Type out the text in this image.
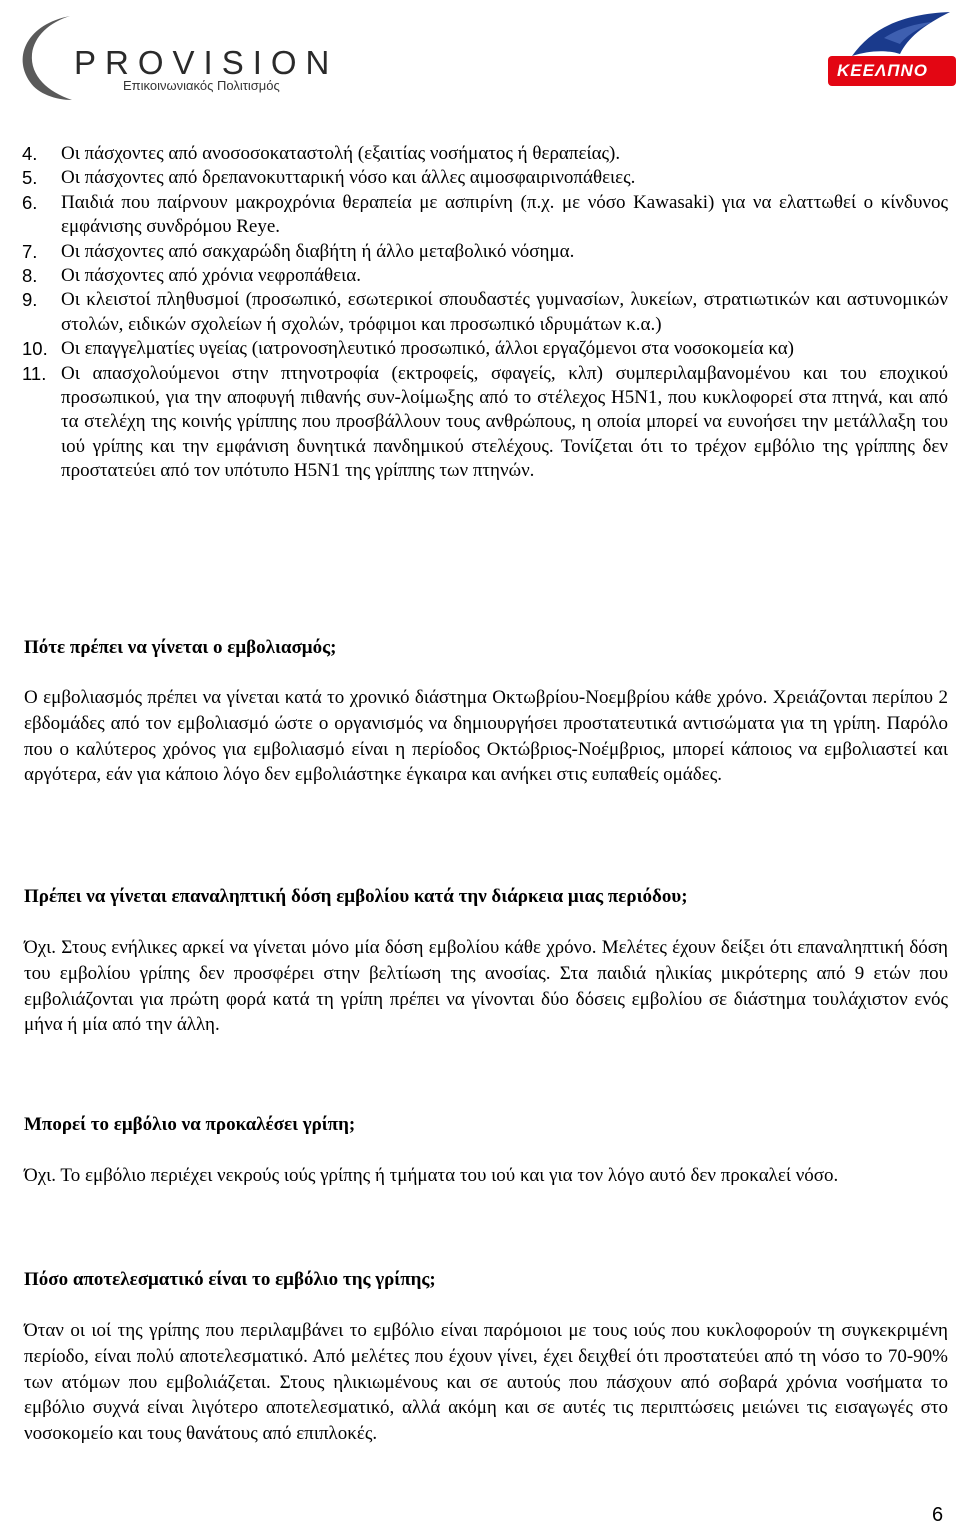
PROVISION
Επικοινωνιακός Πολιτισμός
ΚΕΕΛΠΝΟ
4. Οι πάσχοντες από ανοσοσοκαταστολή (εξαιτίας νοσήματος ή θεραπείας).
5. Οι πάσχοντες από δρεπανοκυτταρική νόσο και άλλες αιμοσφαιρινοπάθειες.
6. Παιδιά που παίρνουν μακροχρόνια θεραπεία με ασπιρίνη (π.χ. με νόσο Kawasaki) για να ελαττωθεί ο κίνδυνος εμφάνισης συνδρόμου Reye.
7. Οι πάσχοντες από σακχαρώδη διαβήτη ή άλλο μεταβολικό νόσημα.
8. Οι πάσχοντες από χρόνια νεφροπάθεια.
9. Οι κλειστοί πληθυσμοί (προσωπικό, εσωτερικοί σπουδαστές γυμνασίων, λυκείων, στρατιωτικών και αστυνομικών στολών, ειδικών σχολείων ή σχολών, τρόφιμοι και προσωπικό ιδρυμάτων κ.α.)
10. Οι επαγγελματίες υγείας (ιατρονοσηλευτικό προσωπικό, άλλοι εργαζόμενοι στα νοσοκομεία κα)
11. Οι απασχολούμενοι στην πτηνοτροφία (εκτροφείς, σφαγείς, κλπ) συμπεριλαμβανομένου και του εποχικού προσωπικού, για την αποφυγή πιθανής συν-λοίμωξης από το στέλεχος H5N1, που κυκλοφορεί στα πτηνά, και από τα στελέχη της κοινής γρίππης που προσβάλλουν τους ανθρώπους, η οποία μπορεί να ευνοήσει την μετάλλαξη του ιού γρίπης και την εμφάνιση δυνητικά πανδημικού στελέχους. Τονίζεται ότι το τρέχον εμβόλιο της γρίππης δεν προστατεύει από τον υπότυπο H5N1 της γρίππης των πτηνών.
Πότε πρέπει να γίνεται ο εμβολιασμός;

Ο εμβολιασμός πρέπει να γίνεται κατά το χρονικό διάστημα Οκτωβρίου-Νοεμβρίου κάθε χρόνο. Χρειάζονται περίπου 2 εβδομάδες από τον εμβολιασμό ώστε ο οργανισμός να δημιουργήσει προστατευτικά αντισώματα για τη γρίπη. Παρόλο που ο καλύτερος χρόνος για εμβολιασμό είναι η περίοδος Οκτώβριος-Νοέμβριος, μπορεί κάποιος να εμβολιαστεί και αργότερα, εάν για κάποιο λόγο δεν εμβολιάστηκε έγκαιρα και ανήκει στις ευπαθείς ομάδες.

Πρέπει να γίνεται επαναληπτική δόση εμβολίου κατά την διάρκεια μιας περιόδου;

Όχι. Στους ενήλικες αρκεί να γίνεται μόνο μία δόση εμβολίου κάθε χρόνο. Μελέτες έχουν δείξει ότι επαναληπτική δόση του εμβολίου γρίπης δεν προσφέρει στην βελτίωση της ανοσίας. Στα παιδιά ηλικίας μικρότερης από 9 ετών που εμβολιάζονται για πρώτη φορά κατά τη γρίπη πρέπει να γίνονται δύο δόσεις εμβολίου σε διάστημα τουλάχιστον ενός μήνα ή μία από την άλλη.

Μπορεί το εμβόλιο να προκαλέσει γρίπη;

Όχι. Το εμβόλιο περιέχει νεκρούς ιούς γρίπης ή τμήματα του ιού και για τον λόγο αυτό δεν προκαλεί νόσο.

Πόσο αποτελεσματικό είναι το εμβόλιο της γρίπης;

Όταν οι ιοί της γρίπης που περιλαμβάνει το εμβόλιο είναι παρόμοιοι με τους ιούς που κυκλοφορούν τη συγκεκριμένη περίοδο, είναι πολύ αποτελεσματικό. Από μελέτες που έχουν γίνει, έχει δειχθεί ότι προστατεύει από τη νόσο το 70-90% των ατόμων που εμβολιάζεται. Στους ηλικιωμένους και σε αυτούς που πάσχουν από σοβαρά χρόνια νοσήματα το εμβόλιο συχνά είναι λιγότερο αποτελεσματικό, αλλά ακόμη και σε αυτές τις περιπτώσεις μειώνει τις εισαγωγές στο νοσοκομείο και τους θανάτους από επιπλοκές.

6
